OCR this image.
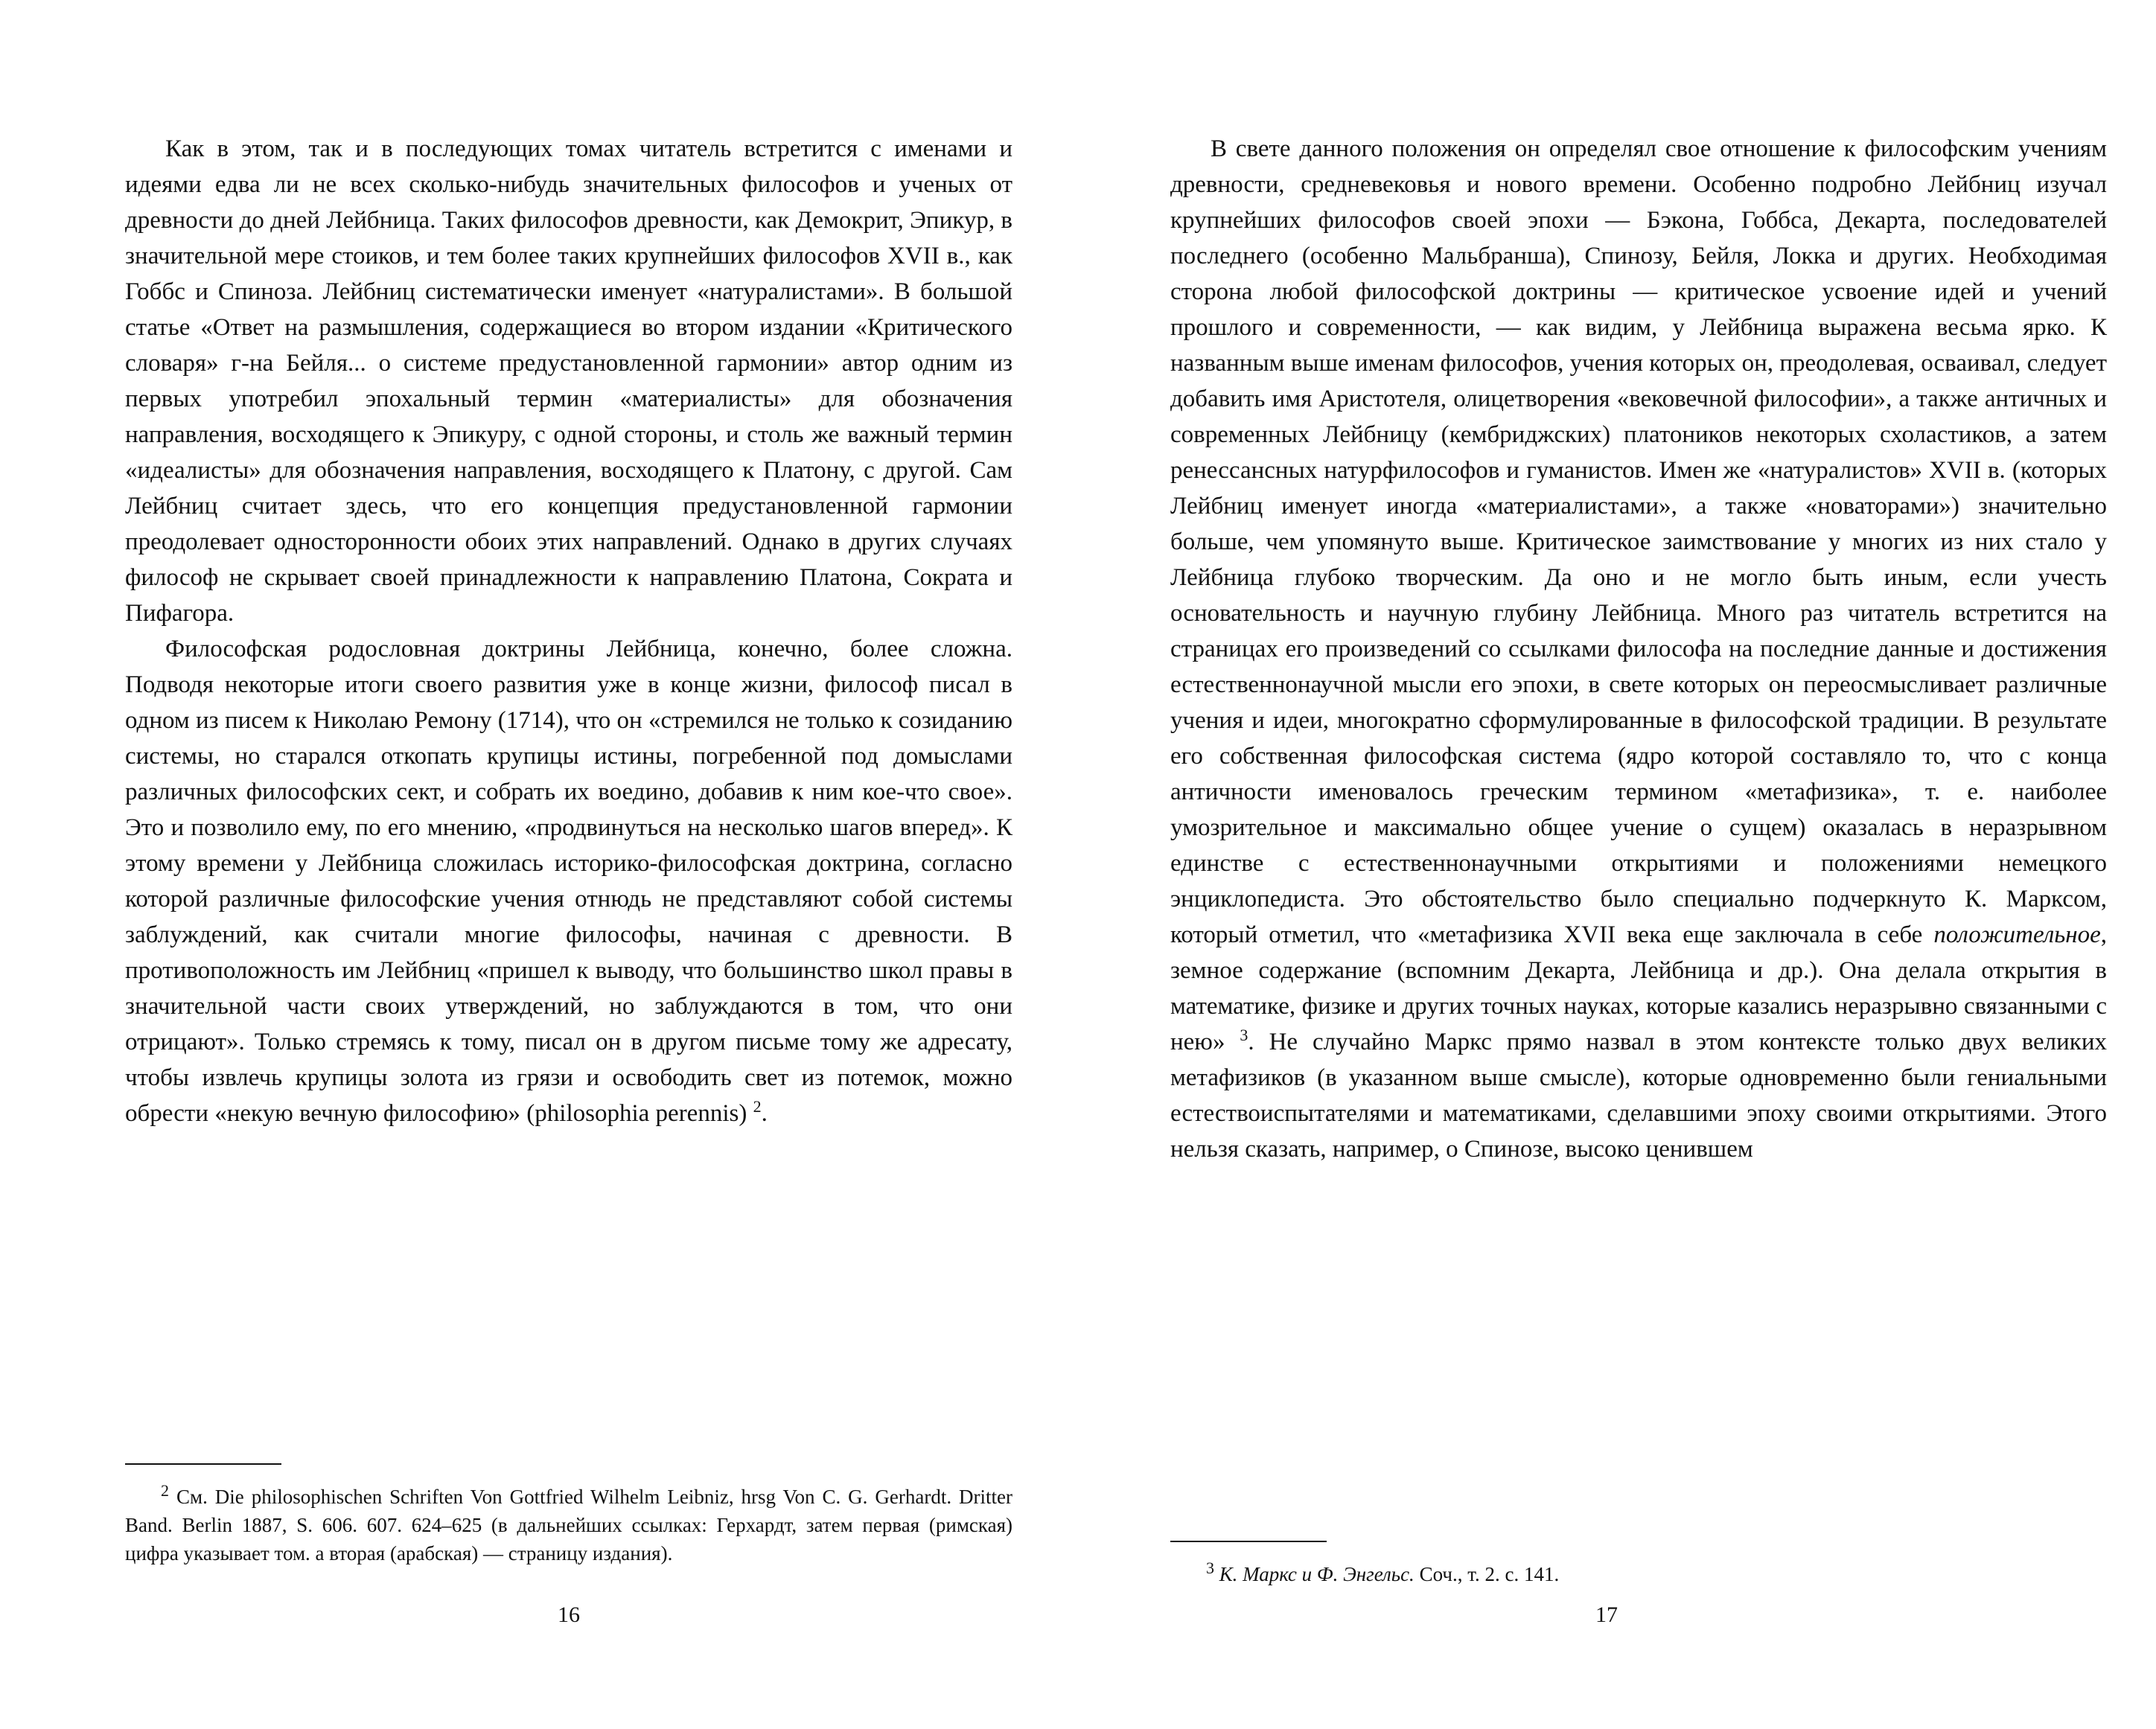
Как в этом, так и в последующих томах читатель встретится с именами и идеями едва ли не всех сколько-нибудь значительных философов и ученых от древности до дней Лейбница. Таких философов древности, как Демокрит, Эпикур, в значительной мере стоиков, и тем более таких крупнейших философов XVII в., как Гоббс и Спиноза. Лейбниц систематически именует «натуралистами». В большой статье «Ответ на размышления, содержащиеся во втором издании «Критического словаря» г-на Бейля... о системе предустановленной гармонии» автор одним из первых употребил эпохальный термин «материалисты» для обозначения направления, восходящего к Эпикуру, с одной стороны, и столь же важный термин «идеалисты» для обозначения направления, восходящего к Платону, с другой. Сам Лейбниц считает здесь, что его концепция предустановленной гармонии преодолевает односторонности обоих этих направлений. Однако в других случаях философ не скрывает своей принадлежности к направлению Платона, Сократа и Пифагора.

Философская родословная доктрины Лейбница, конечно, более сложна. Подводя некоторые итоги своего развития уже в конце жизни, философ писал в одном из писем к Николаю Ремону (1714), что он «стремился не только к созиданию системы, но старался откопать крупицы истины, погребенной под домыслами различных философских сект, и собрать их воедино, добавив к ним кое-что свое». Это и позволило ему, по его мнению, «продвинуться на несколько шагов вперед». К этому времени у Лейбница сложилась историко-философская доктрина, согласно которой различные философские учения отнюдь не представляют собой системы заблуждений, как считали многие философы, начиная с древности. В противоположность им Лейбниц «пришел к выводу, что большинство школ правы в значительной части своих утверждений, но заблуждаются в том, что они отрицают». Только стремясь к тому, писал он в другом письме тому же адресату, чтобы извлечь крупицы золота из грязи и освободить свет из потемок, можно обрести «некую вечную философию» (philosophia perennis) $^2$.

$^2$ См. Die philosophischen Schriften Von Gottfried Wilhelm Leibniz, hrsg Von C. G. Gerhardt. Dritter Band. Berlin 1887, S. 606. 607. 624–625 (в дальнейших ссылках: Герхардт, затем первая (римская) цифра указывает том. а вторая (арабская) — страницу издания).
16

В свете данного положения он определял свое отношение к философским учениям древности, средневековья и нового времени. Особенно подробно Лейбниц изучал крупнейших философов своей эпохи — Бэкона, Гоббса, Декарта, последователей последнего (особенно Мальбранша), Спинозу, Бейля, Локка и других. Необходимая сторона любой философской доктрины — критическое усвоение идей и учений прошлого и современности, — как видим, у Лейбница выражена весьма ярко. К названным выше именам философов, учения которых он, преодолевая, осваивал, следует добавить имя Аристотеля, олицетворения «вековечной философии», а также античных и современных Лейбницу (кембриджских) платоников некоторых схоластиков, а затем ренессансных натурфилософов и гуманистов. Имен же «натуралистов» XVII в. (которых Лейбниц именует иногда «материалистами», а также «новаторами») значительно больше, чем упомянуто выше. Критическое заимствование у многих из них стало у Лейбница глубоко творческим. Да оно и не могло быть иным, если учесть основательность и научную глубину Лейбница. Много раз читатель встретится на страницах его произведений со ссылками философа на последние данные и достижения естественнонаучной мысли его эпохи, в свете которых он переосмысливает различные учения и идеи, многократно сформулированные в философской традиции. В результате его собственная философская система (ядро которой составляло то, что с конца античности именовалось греческим термином «метафизика», т. е. наиболее умозрительное и максимально общее учение о сущем) оказалась в неразрывном единстве с естественнонаучными открытиями и положениями немецкого энциклопедиста. Это обстоятельство было специально подчеркнуто К. Марксом, который отметил, что «метафизика XVII века еще заключала в себе положительное, земное содержание (вспомним Декарта, Лейбница и др.). Она делала открытия в математике, физике и других точных науках, которые казались неразрывно связанными с нею» $^3$. Не случайно Маркс прямо назвал в этом контексте только двух великих метафизиков (в указанном выше смысле), которые одновременно были гениальными естествоиспытателями и математиками, сделавшими эпоху своими открытиями. Этого нельзя сказать, например, о Спинозе, высоко ценившем

$^3$ К. Маркс и Ф. Энгельс. Соч., т. 2. с. 141.
17
